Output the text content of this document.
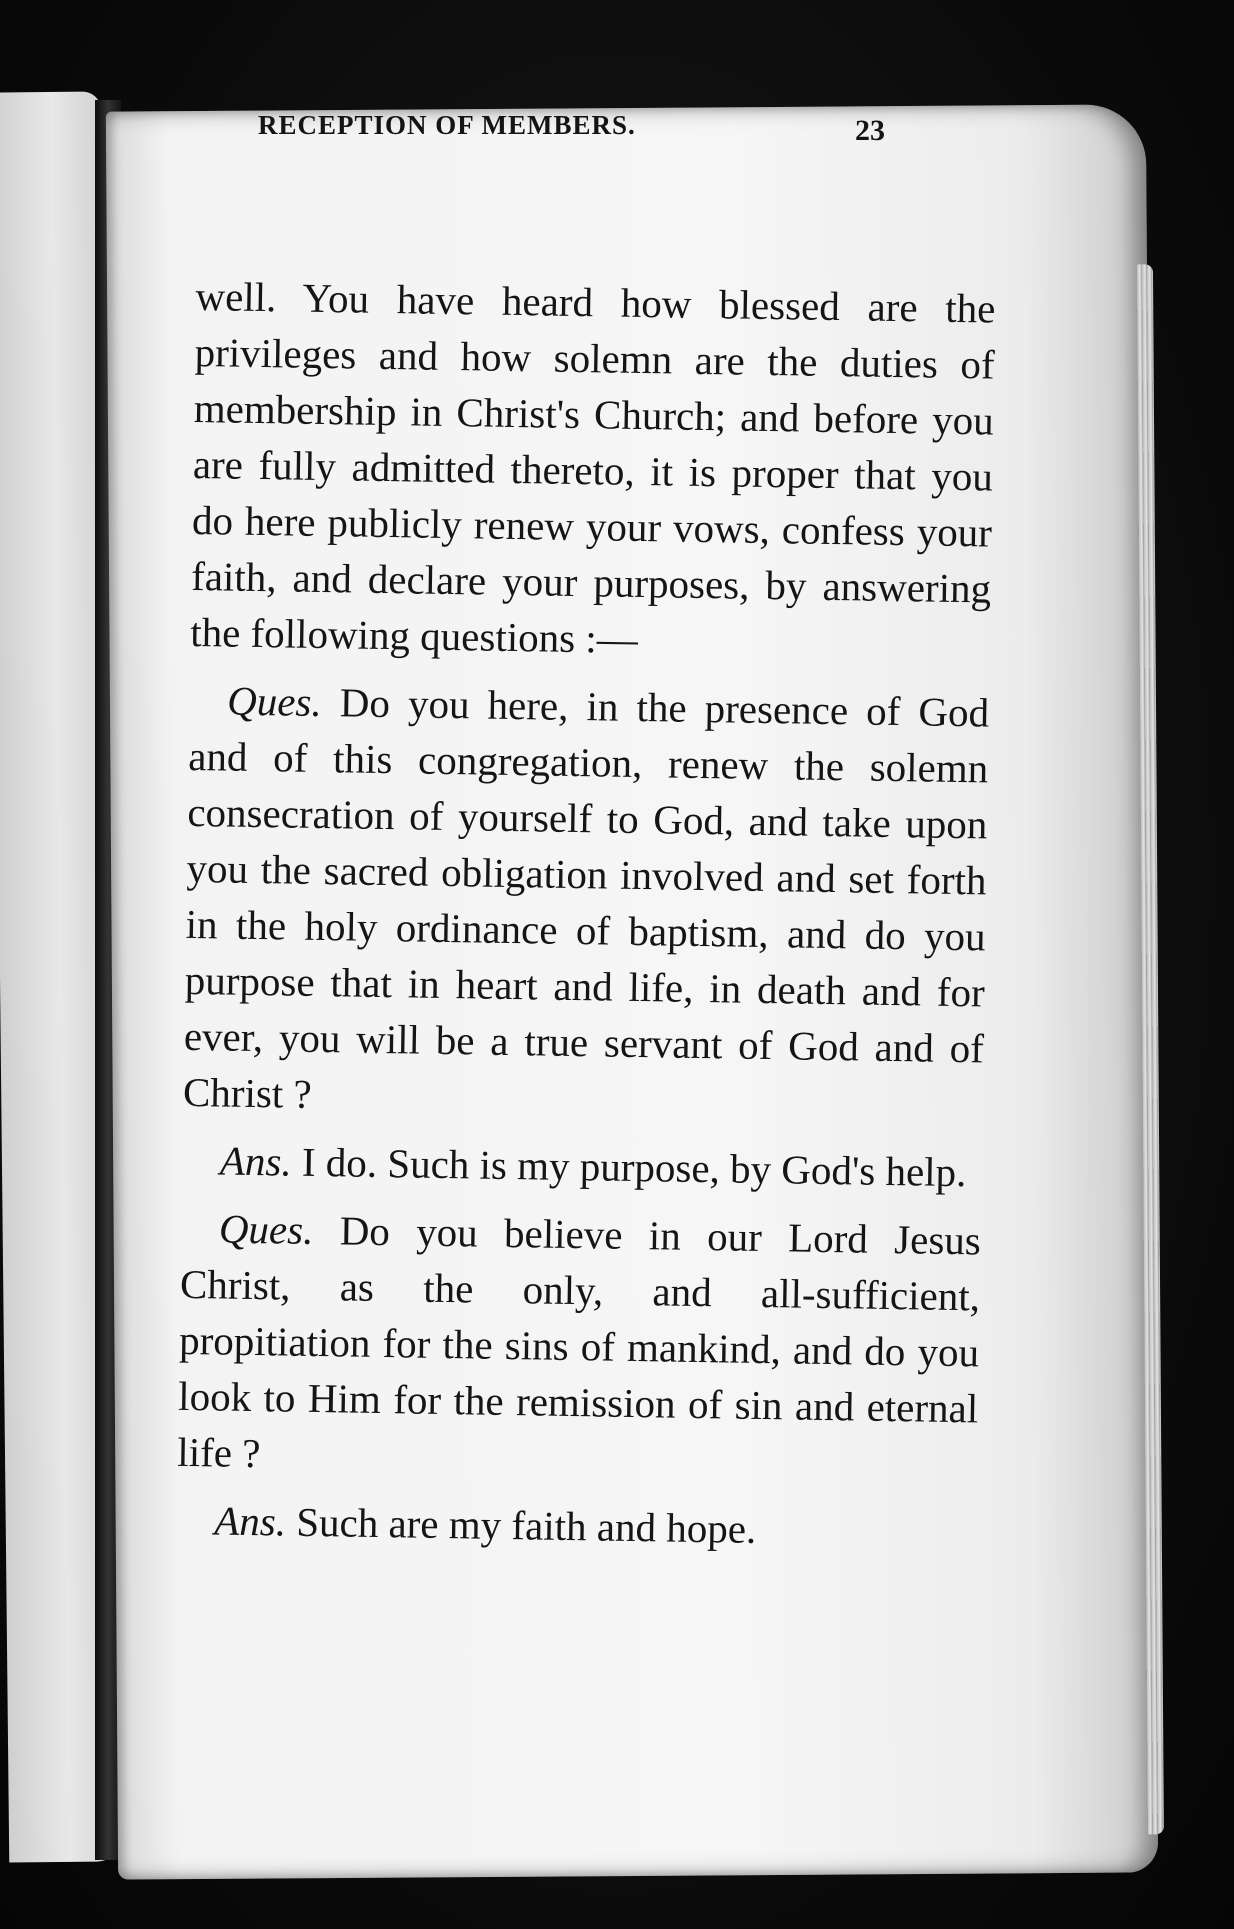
RECEPTION OF MEMBERS.	23

well. You have heard how blessed are the privileges and how solemn are the duties of membership in Christ's Church; and before you are fully admitted thereto, it is proper that you do here publicly renew your vows, confess your faith, and declare your purposes, by answering the following questions :—

Ques. Do you here, in the presence of God and of this congregation, renew the solemn consecration of yourself to God, and take upon you the sacred obligation involved and set forth in the holy ordinance of baptism, and do you purpose that in heart and life, in death and for ever, you will be a true servant of God and of Christ ?

Ans. I do. Such is my purpose, by God's help.

Ques. Do you believe in our Lord Jesus Christ, as the only, and all-sufficient, propitiation for the sins of mankind, and do you look to Him for the remission of sin and eternal life ?

Ans. Such are my faith and hope.
